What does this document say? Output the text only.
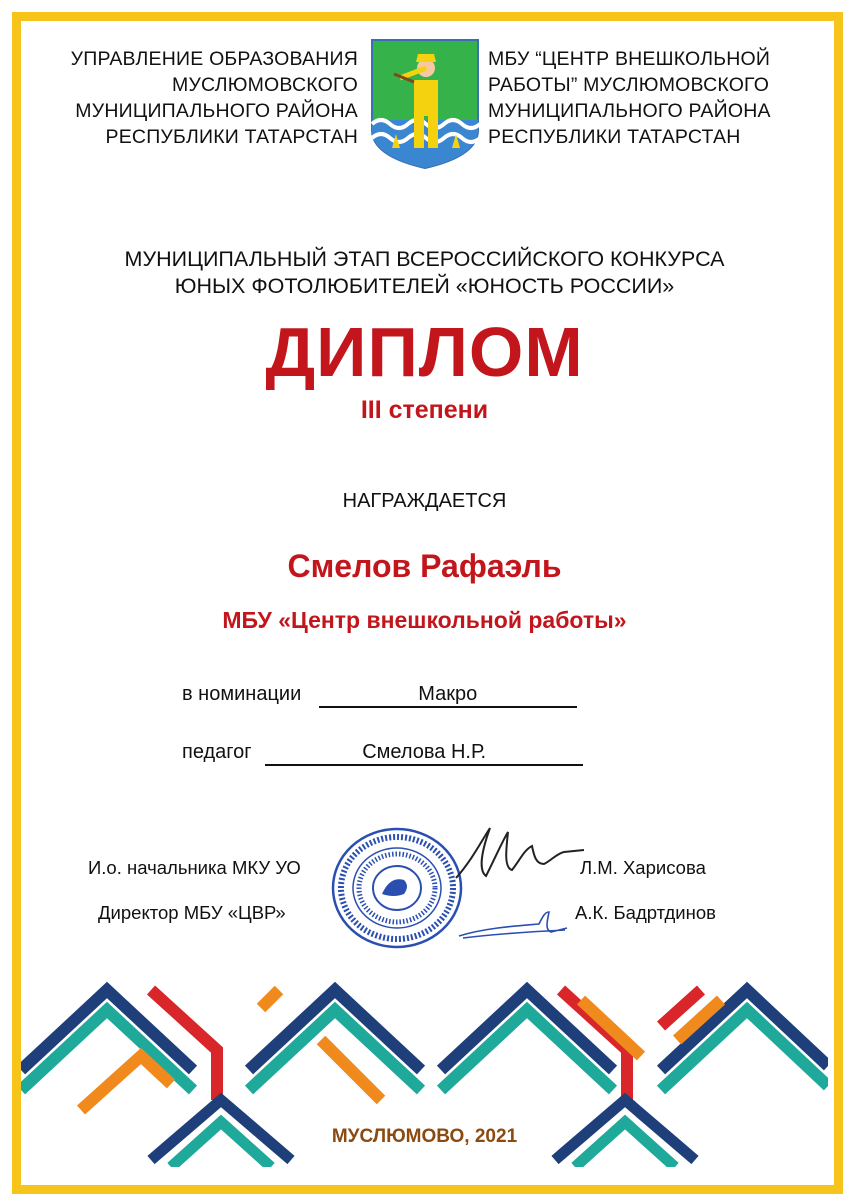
УПРАВЛЕНИЕ ОБРАЗОВАНИЯ
МУСЛЮМОВСКОГО
МУНИЦИПАЛЬНОГО РАЙОНА
РЕСПУБЛИКИ ТАТАРСТАН
МБУ “ЦЕНТР ВНЕШКОЛЬНОЙ
РАБОТЫ” МУСЛЮМОВСКОГО
МУНИЦИПАЛЬНОГО РАЙОНА
РЕСПУБЛИКИ ТАТАРСТАН
МУНИЦИПАЛЬНЫЙ ЭТАП ВСЕРОССИЙСКОГО КОНКУРСА
ЮНЫХ ФОТОЛЮБИТЕЛЕЙ «ЮНОСТЬ РОССИИ»
ДИПЛОМ
III степени
НАГРАЖДАЕТСЯ
Смелов Рафаэль
МБУ «Центр внешкольной работы»
в номинации	Макро
педагог	Смелова Н.Р.
И.о. начальника МКУ УО	Л.М. Харисова
Директор МБУ «ЦВР»	А.К. Бадртдинов
МУСЛЮМОВО, 2021
